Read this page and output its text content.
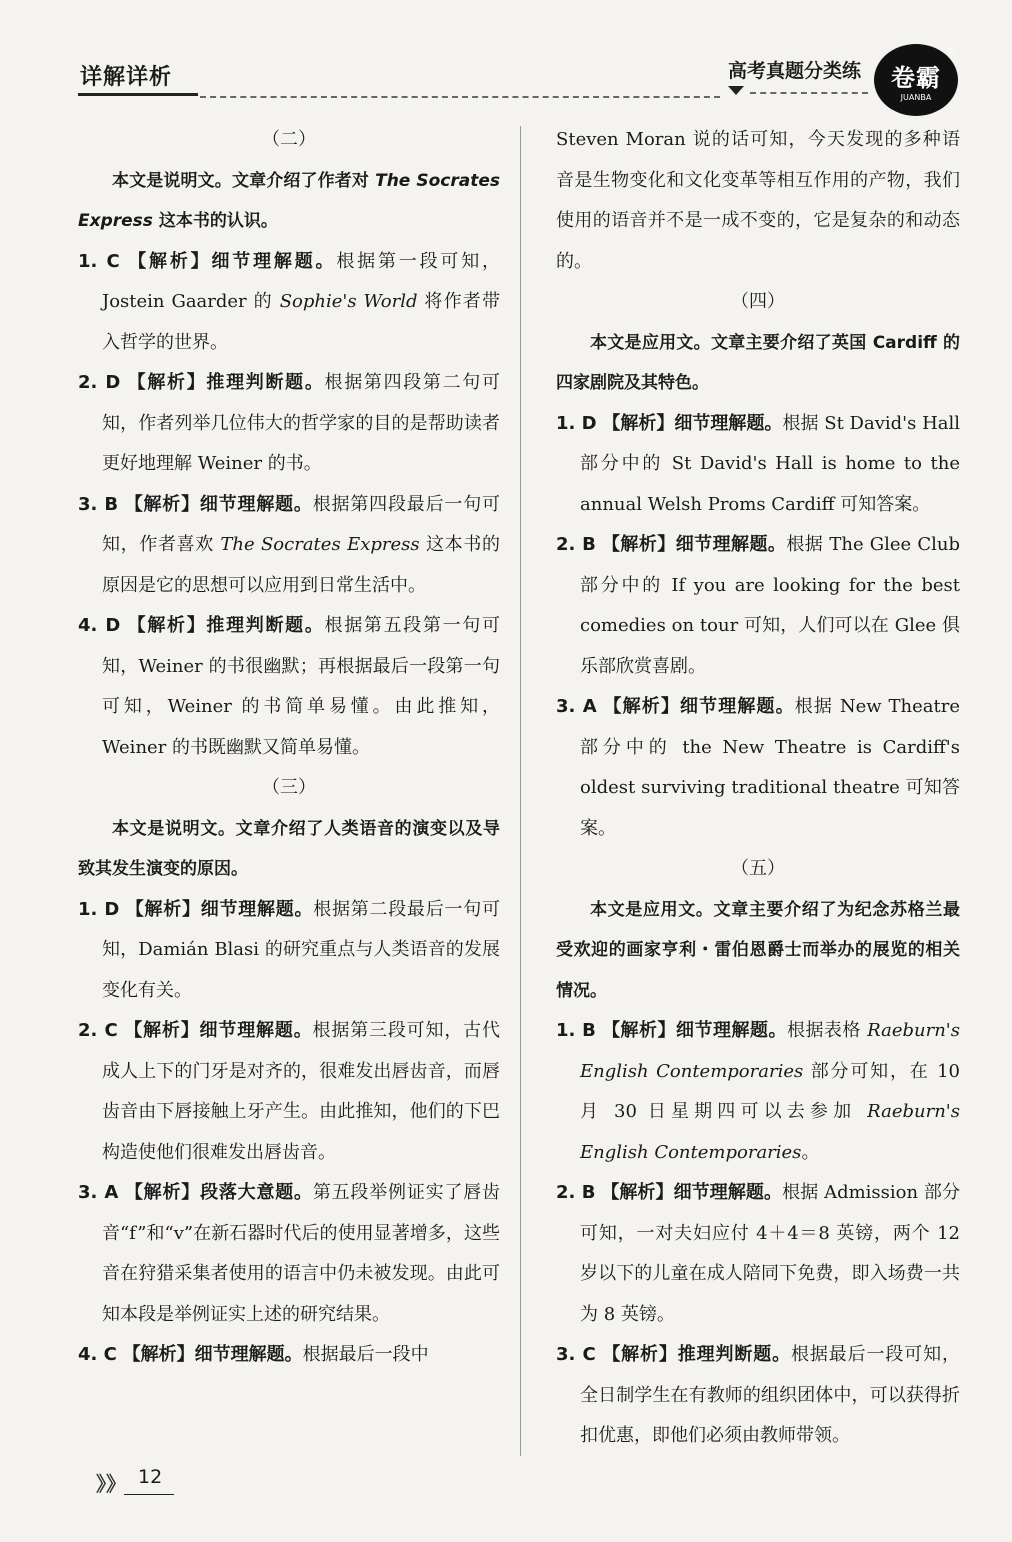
详解详析	高考真题分类练
®
卷霸
JUANBA

（二）

本文是说明文。文章介绍了作者对 The Socrates Express 这本书的认识。

1. C 【解析】细节理解题。根据第一段可知，Jostein Gaarder 的 Sophie's World 将作者带入哲学的世界。

2. D 【解析】推理判断题。根据第四段第二句可知，作者列举几位伟大的哲学家的目的是帮助读者更好地理解 Weiner 的书。

3. B 【解析】细节理解题。根据第四段最后一句可知，作者喜欢 The Socrates Express 这本书的原因是它的思想可以应用到日常生活中。

4. D 【解析】推理判断题。根据第五段第一句可知，Weiner 的书很幽默；再根据最后一段第一句可知，Weiner 的书简单易懂。由此推知，Weiner 的书既幽默又简单易懂。

（三）

本文是说明文。文章介绍了人类语音的演变以及导致其发生演变的原因。

1. D 【解析】细节理解题。根据第二段最后一句可知，Damián Blasi 的研究重点与人类语音的发展变化有关。

2. C 【解析】细节理解题。根据第三段可知，古代成人上下的门牙是对齐的，很难发出唇齿音，而唇齿音由下唇接触上牙产生。由此推知，他们的下巴构造使他们很难发出唇齿音。

3. A 【解析】段落大意题。第五段举例证实了唇齿音“f”和“v”在新石器时代后的使用显著增多，这些音在狩猎采集者使用的语言中仍未被发现。由此可知本段是举例证实上述的研究结果。

4. C 【解析】细节理解题。根据最后一段中

Steven Moran 说的话可知，今天发现的多种语音是生物变化和文化变革等相互作用的产物，我们使用的语音并不是一成不变的，它是复杂的和动态的。

（四）

本文是应用文。文章主要介绍了英国 Cardiff 的四家剧院及其特色。

1. D 【解析】细节理解题。根据 St David's Hall 部分中的 St David's Hall is home to the annual Welsh Proms Cardiff 可知答案。

2. B 【解析】细节理解题。根据 The Glee Club 部分中的 If you are looking for the best comedies on tour 可知，人们可以在 Glee 俱乐部欣赏喜剧。

3. A 【解析】细节理解题。根据 New Theatre 部分中的 the New Theatre is Cardiff's oldest surviving traditional theatre 可知答案。

（五）

本文是应用文。文章主要介绍了为纪念苏格兰最受欢迎的画家亨利・雷伯恩爵士而举办的展览的相关情况。

1. B 【解析】细节理解题。根据表格 Raeburn's English Contemporaries 部分可知，在 10 月 30 日星期四可以去参加 Raeburn's English Contemporaries。

2. B 【解析】细节理解题。根据 Admission 部分可知，一对夫妇应付 4＋4＝8 英镑，两个 12 岁以下的儿童在成人陪同下免费，即入场费一共为 8 英镑。

3. C 【解析】推理判断题。根据最后一段可知，全日制学生在有教师的组织团体中，可以获得折扣优惠，即他们必须由教师带领。

》》 12
